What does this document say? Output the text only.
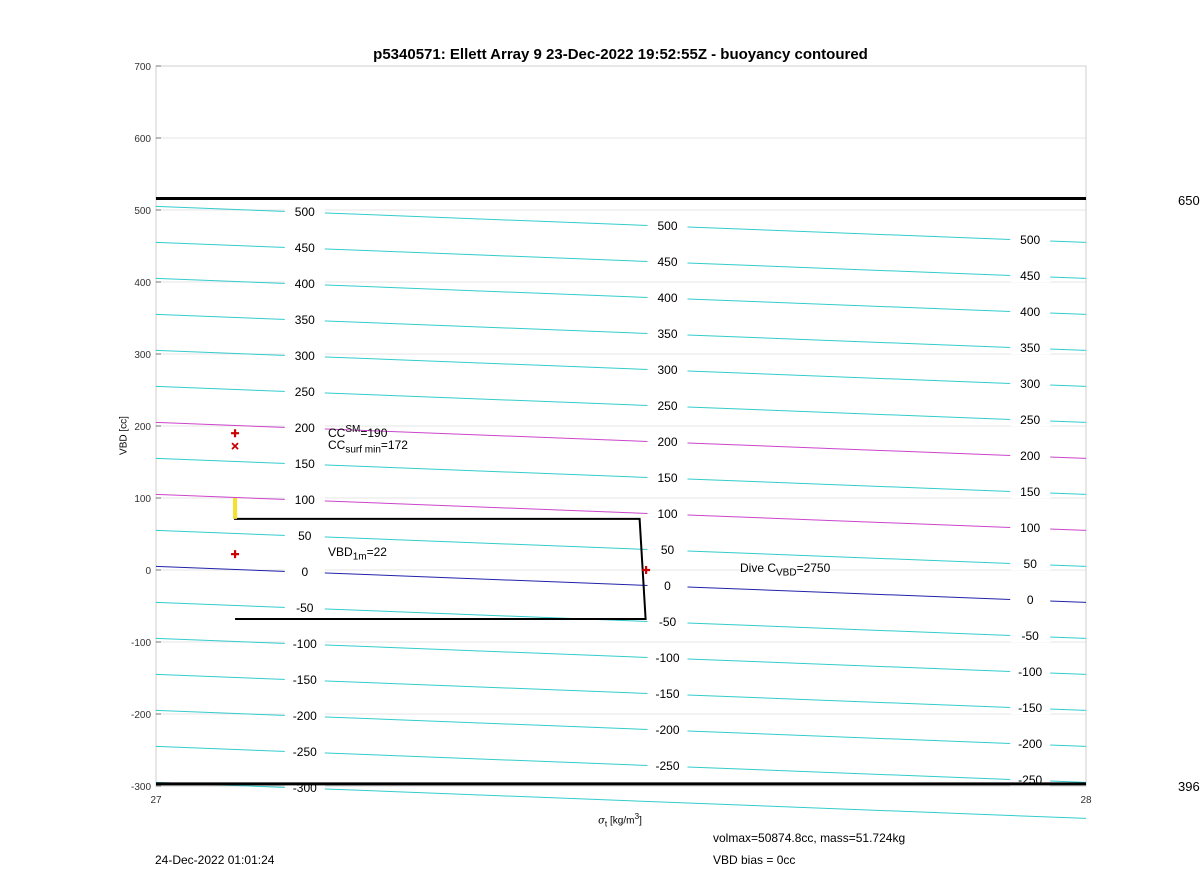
700
600
500
400
300
200
100
0
-100
-200
-300
27	28
500
450
400
350
300
250
200
150
100
50
0
-50
-100
-150
-200
-250
-300
500
450
400
350
300
250
200
150
100
50
0
-50
-100
-150
-200
-250
500
450
400
350
300
250
200
150
100
50
0
-50
-100
-150
-200
-250
p5340571: Ellett Array 9 23-Dec-2022 19:52:55Z - buoyancy contoured
VBD [cc]
$\sigma_t$ $[kg/m^3]$
650
396
CC℠=190
$CC_{surf min}=172$
$VBD_{1m}=22$
Dive $C_{VBD}=2750$
volmax=50874.8cc, mass=51.724kg
VBD bias = 0cc
24-Dec-2022 01:01:24
